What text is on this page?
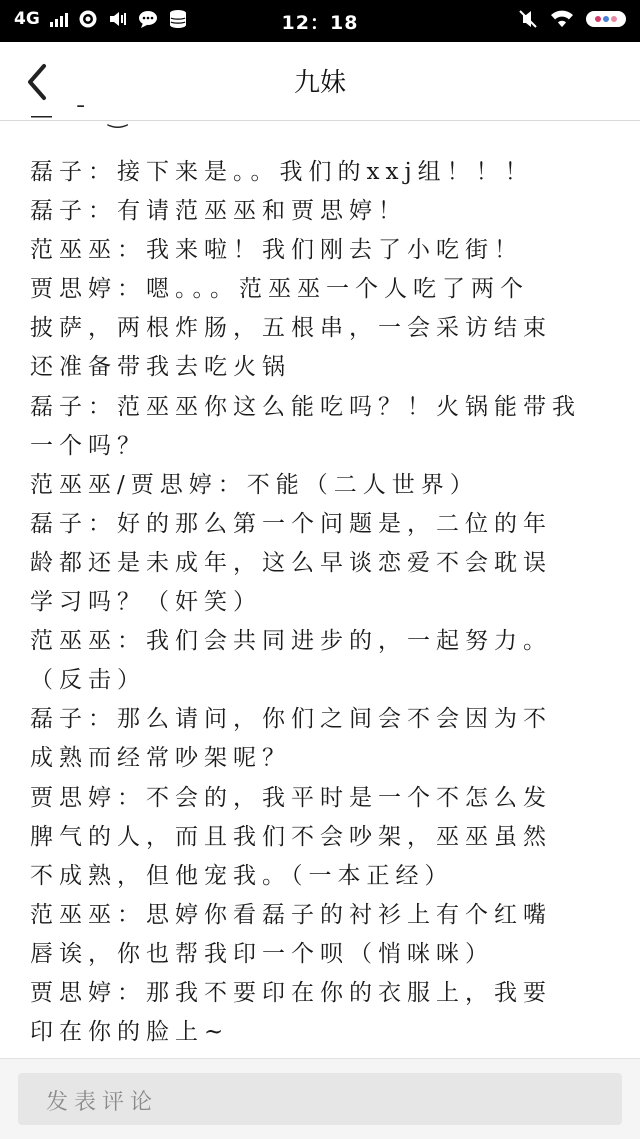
4G	12：18
九妹
—   ˉ   ‿
磊子：接下来是。。我们的xxj组！！！
磊子：有请范巫巫和贾思婷！
范巫巫：我来啦！我们刚去了小吃街！
贾思婷：嗯。。。范巫巫一个人吃了两个
披萨，两根炸肠，五根串，一会采访结束
还准备带我去吃火锅
磊子：范巫巫你这么能吃吗？！火锅能带我
一个吗？
范巫巫/贾思婷：不能（二人世界）
磊子：好的那么第一个问题是，二位的年
龄都还是未成年，这么早谈恋爱不会耽误
学习吗？（奸笑）
范巫巫：我们会共同进步的，一起努力。
（反击）
磊子：那么请问，你们之间会不会因为不
成熟而经常吵架呢？
贾思婷：不会的，我平时是一个不怎么发
脾气的人，而且我们不会吵架，巫巫虽然
不成熟，但他宠我。（一本正经）
范巫巫：思婷你看磊子的衬衫上有个红嘴
唇诶，你也帮我印一个呗（悄咪咪）
贾思婷：那我不要印在你的衣服上，我要
印在你的脸上~
发表评论
